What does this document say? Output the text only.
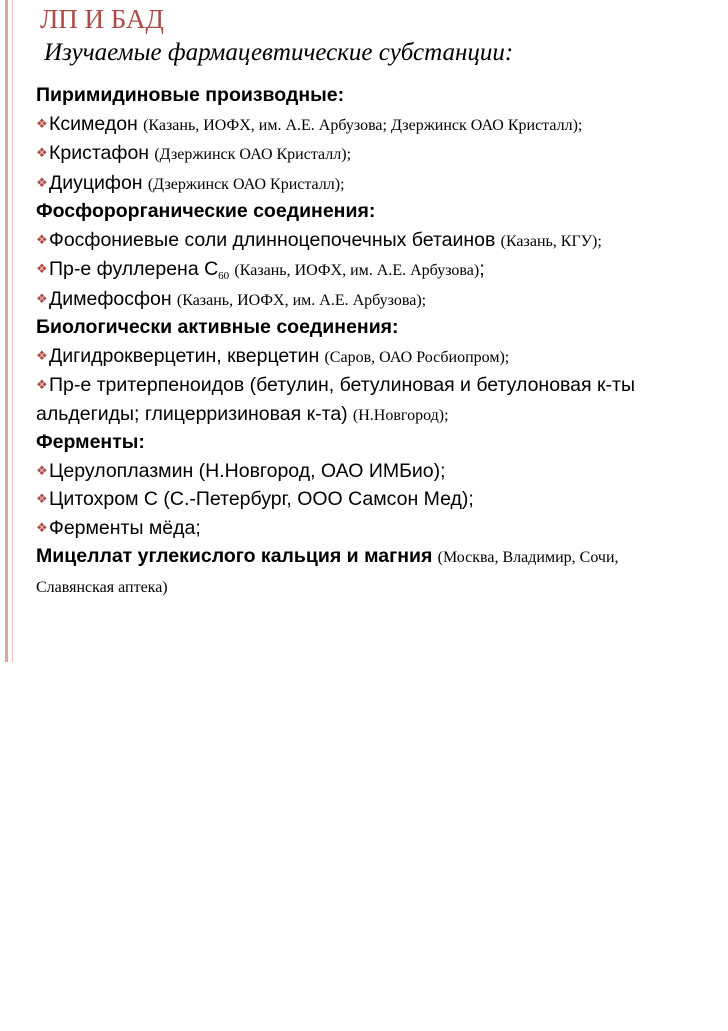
ЛП И БАД
Изучаемые фармацевтические субстанции:
Пиримидиновые производные:
❖Ксимедон (Казань, ИОФХ, им. А.Е. Арбузова; Дзержинск ОАО Кристалл);
❖Кристафон (Дзержинск ОАО Кристалл);
❖Диуцифон (Дзержинск ОАО Кристалл);
Фосфорорганические соединения:
❖Фосфониевые соли длинноцепочечных бетаинов (Казань, КГУ);
❖Пр-е фуллерена $С_{60}$ (Казань, ИОФХ, им. А.Е. Арбузова);
❖Димефосфон (Казань, ИОФХ, им. А.Е. Арбузова);
Биологически активные соединения:
❖Дигидрокверцетин, кверцетин (Саров, ОАО Росбиопром);
❖Пр-е тритерпеноидов (бетулин, бетулиновая и бетулоновая к-ты
альдегиды; глицерризиновая к-та) (Н.Новгород);
Ферменты:
❖Церулоплазмин (Н.Новгород, ОАО ИМБио);
❖Цитохром С (С.-Петербург, ООО Самсон Мед);
❖Ферменты мёда;
Мицеллат углекислого кальция и магния (Москва, Владимир, Сочи,
Славянская аптека)
